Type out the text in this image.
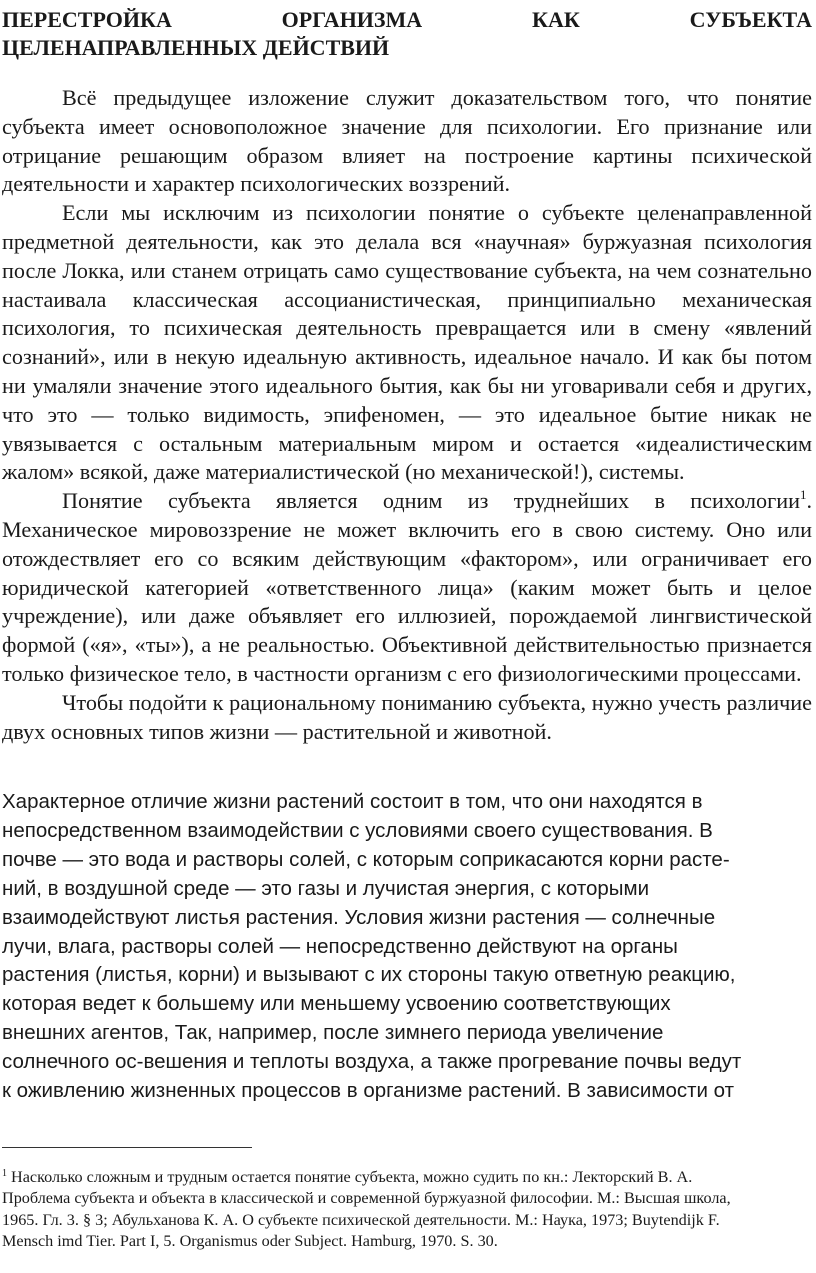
ПЕРЕСТРОЙКА ОРГАНИЗМА КАК СУБЪЕКТА
ЦЕЛЕНАПРАВЛЕННЫХ ДЕЙСТВИЙ

Всё предыдущее изложение служит доказательством того, что понятие субъекта имеет основоположное значение для психологии. Его признание или отрицание решающим образом влияет на построение картины психической деятельности и характер психологических воззрений.

Если мы исключим из психологии понятие о субъекте целенаправленной предметной деятельности, как это делала вся «научная» буржуазная психология после Локка, или станем отрицать само существование субъекта, на чем сознательно настаивала классическая ассоцианистическая, принципиально механическая психология, то психическая деятельность превращается или в смену «явлений сознаний», или в некую идеальную активность, идеальное начало. И как бы потом ни умаляли значение этого идеального бытия, как бы ни уговаривали себя и других, что это — только видимость, эпифеномен, — это идеальное бытие никак не увязывается с остальным материальным миром и остается «идеалистическим жалом» всякой, даже материалистической (но механической!), системы.

Понятие субъекта является одним из труднейших в психологии$^1$. Механическое мировоззрение не может включить его в свою систему. Оно или отождествляет его со всяким действующим «фактором», или ограничивает его юридической категорией «ответственного лица» (каким может быть и целое учреждение), или даже объявляет его иллюзией, порождаемой лингвистической формой («я», «ты»), а не реальностью. Объективной действительностью признается только физическое тело, в частности организм с его физиологическими процессами.

Чтобы подойти к рациональному пониманию субъекта, нужно учесть различие двух основных типов жизни — растительной и животной.

Характерное отличие жизни растений состоит в том, что они находятся в
непосредственном взаимодействии с условиями своего существования. В
почве — это вода и растворы солей, с которым соприкасаются корни расте-
ний, в воздушной среде — это газы и лучистая энергия, с которыми
взаимодействуют листья растения. Условия жизни растения — солнечные
лучи, влага, растворы солей — непосредственно действуют на органы
растения (листья, корни) и вызывают с их стороны такую ответную реакцию,
которая ведет к большему или меньшему усвоению соответствующих
внешних агентов, Так, например, после зимнего периода увеличение
солнечного ос-вешения и теплоты воздуха, а также прогревание почвы ведут
к оживлению жизненных процессов в организме растений. В зависимости от
$^1$ Насколько сложным и трудным остается понятие субъекта, можно судить по кн.: Лекторский В. А.
Проблема субъекта и объекта в классической и современной буржуазной философии. М.: Высшая школа,
1965. Гл. 3. § 3; Абульханова К. А. О субъекте психической деятельности. М.: Наука, 1973; Buytendijk F.
Mensch imd Tier. Part I, 5. Organismus oder Subject. Hamburg, 1970. S. 30.
